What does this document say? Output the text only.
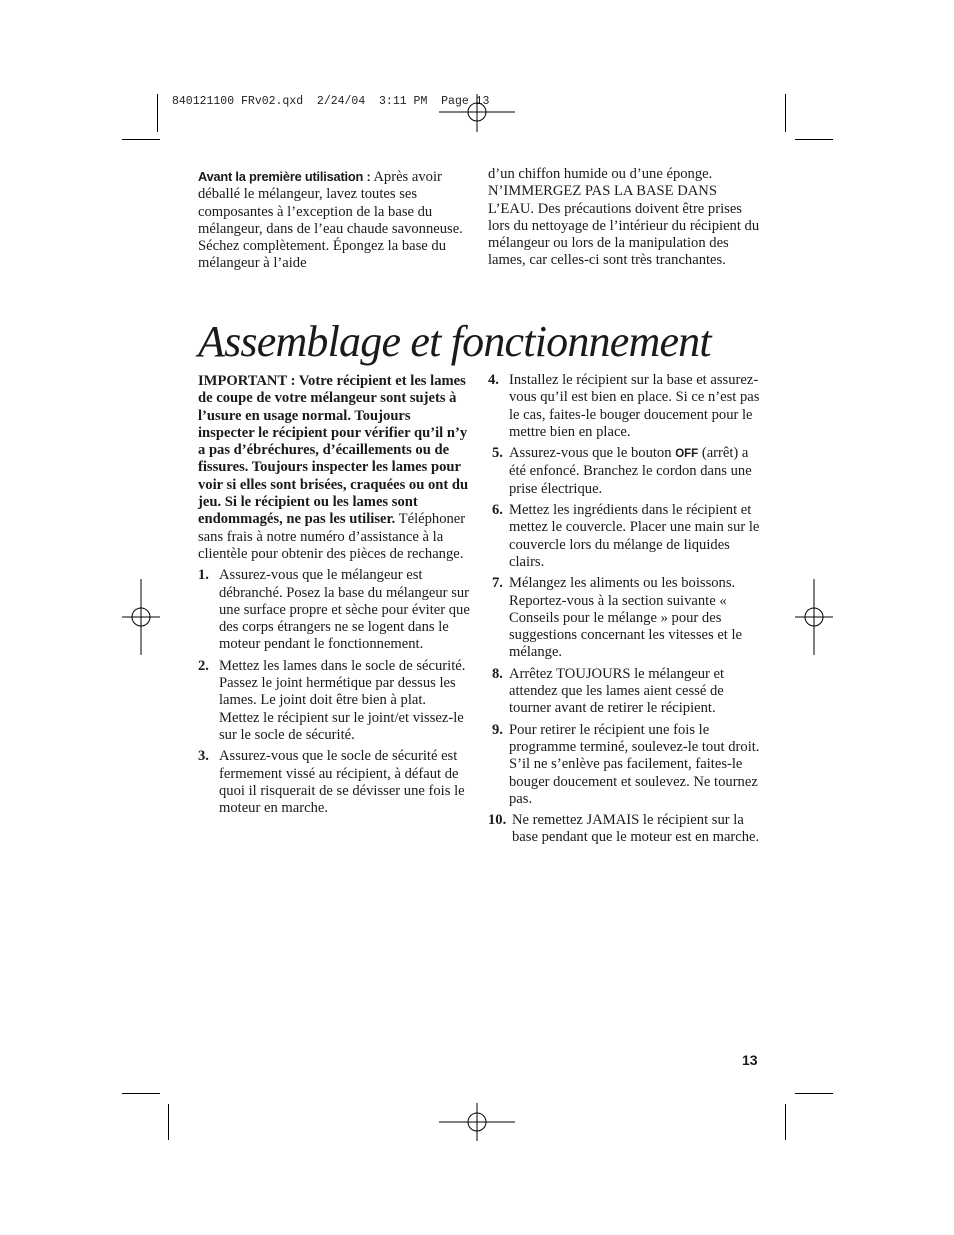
840121100 FRv02.qxd  2/24/04  3:11 PM  Page 13
Avant la première utilisation : Après avoir déballé le mélangeur, lavez toutes ses composantes à l’exception de la base du mélangeur, dans de l’eau chaude savonneuse. Séchez complètement. Épongez la base du mélangeur à l’aide
d’un chiffon humide ou d’une éponge. N’IMMERGEZ PAS LA BASE DANS L’EAU. Des précautions doivent être prises lors du nettoyage de l’intérieur du récipient du mélangeur ou lors de la manipulation des lames, car celles-ci sont très tranchantes.
Assemblage et fonctionnement

IMPORTANT : Votre récipient et les lames de coupe de votre mélangeur sont sujets à l’usure en usage normal. Toujours inspecter le récipient pour vérifier qu’il n’y a pas d’ébréchures, d’écaillements ou de fissures. Toujours inspecter les lames pour voir si elles sont brisées, craquées ou ont du jeu. Si le récipient ou les lames sont endommagés, ne pas les utiliser. Téléphoner sans frais à notre numéro d’assistance à la clientèle pour obtenir des pièces de rechange.

1. Assurez-vous que le mélangeur est débranché. Posez la base du mélangeur sur une surface propre et sèche pour éviter que des corps étrangers ne se logent dans le moteur pendant le fonctionnement.
2. Mettez les lames dans le socle de sécurité. Passez le joint hermétique par dessus les lames. Le joint doit être bien à plat. Mettez le récipient sur le joint/et vissez-le sur le socle de sécurité.
3. Assurez-vous que le socle de sécurité est fermement vissé au récipient, à défaut de quoi il risquerait de se dévisser une fois le moteur en marche.
4. Installez le récipient sur la base et assurez-vous qu’il est bien en place. Si ce n’est pas le cas, faites-le bouger doucement pour le mettre bien en place.
5. Assurez-vous que le bouton OFF (arrêt) a été enfoncé. Branchez le cordon dans une prise électrique.
6. Mettez les ingrédients dans le récipient et mettez le couvercle. Placer une main sur le couvercle lors du mélange de liquides clairs.
7. Mélangez les aliments ou les boissons. Reportez-vous à la section suivante « Conseils pour le mélange » pour des suggestions concernant les vitesses et le mélange.
8. Arrêtez TOUJOURS le mélangeur et attendez que les lames aient cessé de tourner avant de retirer le récipient.
9. Pour retirer le récipient une fois le programme terminé, soulevez-le tout droit. S’il ne s’enlève pas facilement, faites-le bouger doucement et soulevez. Ne tournez pas.
10. Ne remettez JAMAIS le récipient sur la base pendant que le moteur est en marche.
13
